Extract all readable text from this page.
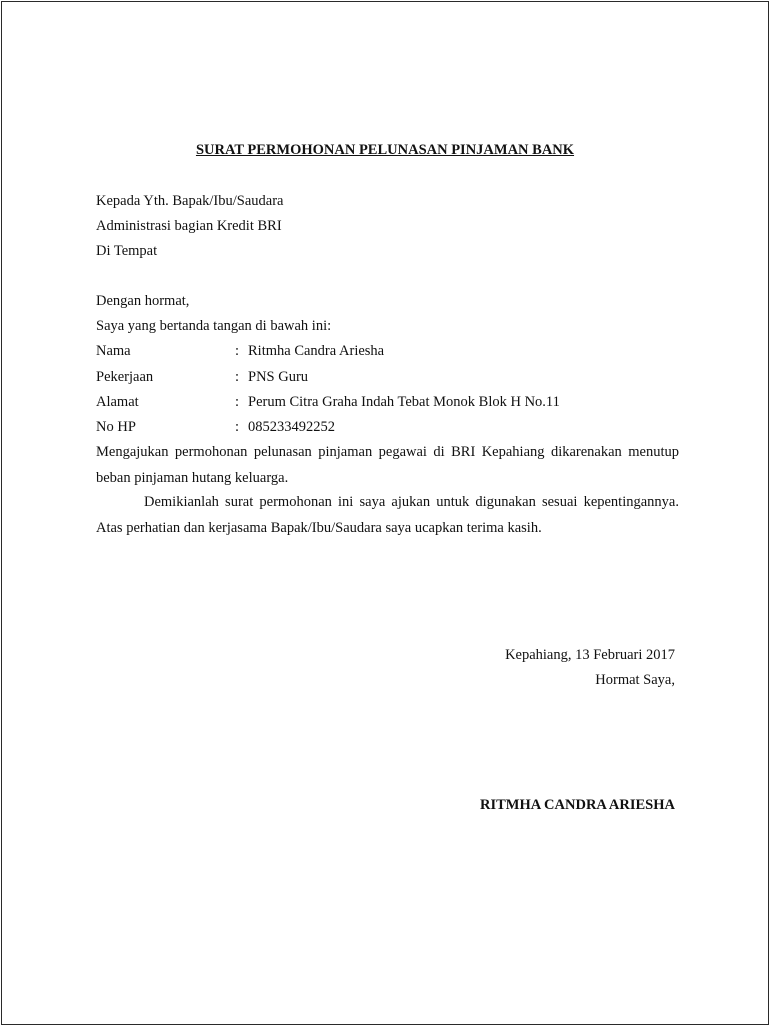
SURAT PERMOHONAN PELUNASAN PINJAMAN BANK
Kepada Yth. Bapak/Ibu/Saudara
Administrasi bagian Kredit BRI
Di Tempat
Dengan hormat,
Saya yang bertanda tangan di bawah ini:
Nama	: Ritmha Candra Ariesha
Pekerjaan	: PNS Guru
Alamat	: Perum Citra Graha Indah Tebat Monok Blok H No.11
No HP	: 085233492252
Mengajukan permohonan pelunasan pinjaman pegawai di BRI Kepahiang dikarenakan menutup beban pinjaman hutang keluarga.
Demikianlah surat permohonan ini saya ajukan untuk digunakan sesuai kepentingannya. Atas perhatian dan kerjasama Bapak/Ibu/Saudara saya ucapkan terima kasih.
Kepahiang, 13 Februari 2017
Hormat Saya,
RITMHA CANDRA ARIESHA
